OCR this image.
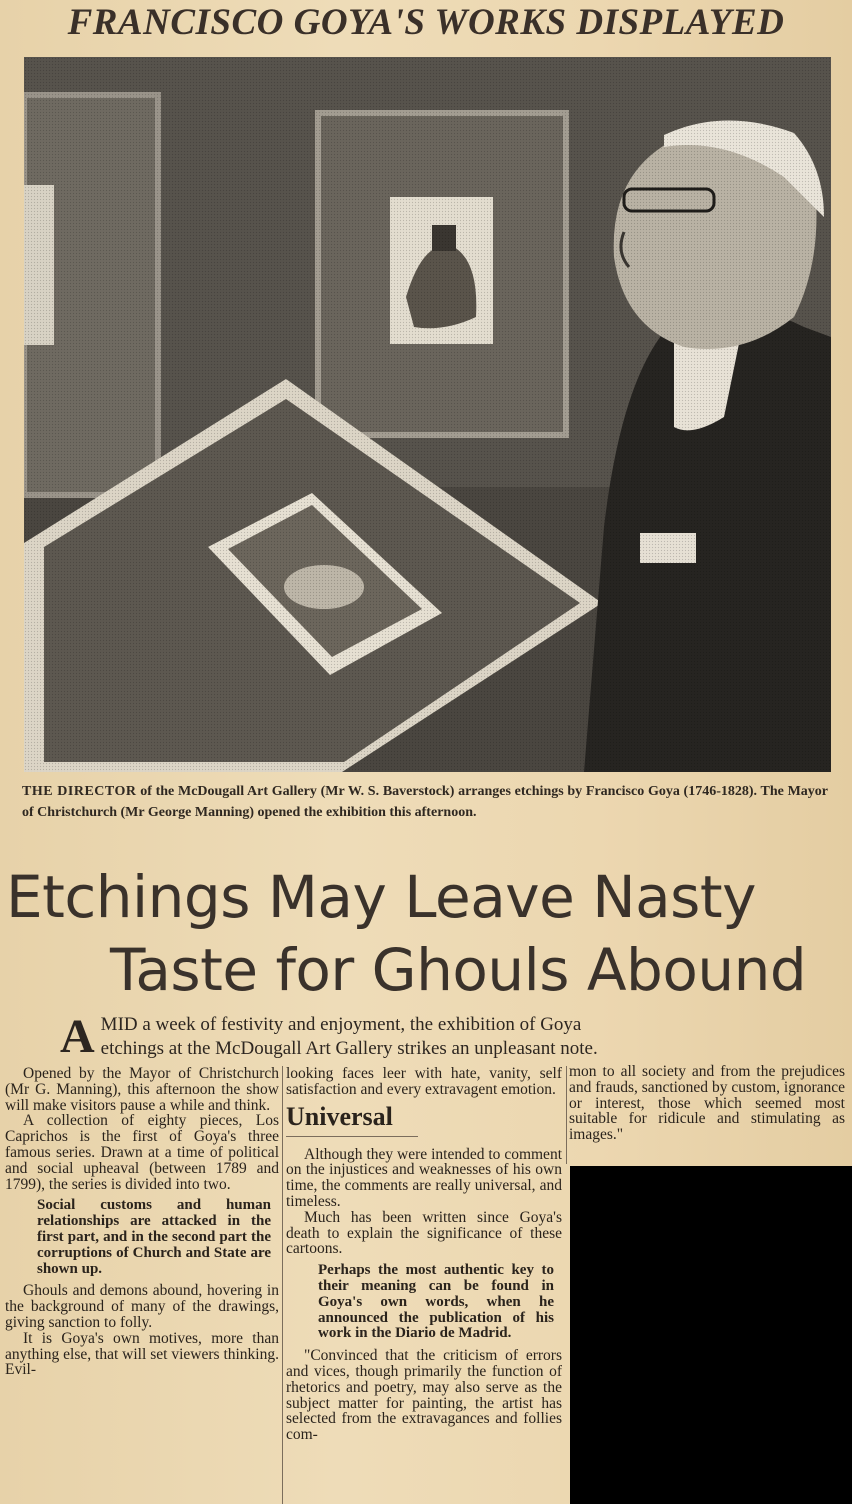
FRANCISCO GOYA'S WORKS DISPLAYED
THE DIRECTOR of the McDougall Art Gallery (Mr W. S. Baverstock) arranges etchings by Francisco Goya (1746-1828). The Mayor of Christchurch (Mr George Manning) opened the exhibition this afternoon.
Etchings May Leave Nasty
Taste for Ghouls Abound
A MID a week of festivity and enjoyment, the exhibition of Goya
etchings at the McDougall Art Gallery strikes an unpleasant note.

Opened by the Mayor of Christchurch (Mr G. Manning), this afternoon the show will make visitors pause a while and think.

A collection of eighty pieces, Los Caprichos is the first of Goya's three famous series. Drawn at a time of political and social upheaval (between 1789 and 1799), the series is divided into two.

Social customs and human relationships are attacked in the first part, and in the second part the corruptions of Church and State are shown up.

Ghouls and demons abound, hovering in the background of many of the drawings, giving sanction to folly.

It is Goya's own motives, more than anything else, that will set viewers thinking. Evil-

looking faces leer with hate, vanity, self satisfaction and every extravagent emotion.

Universal

Although they were intended to comment on the injustices and weaknesses of his own time, the comments are really universal, and timeless.

Much has been written since Goya's death to explain the significance of these cartoons.

Perhaps the most authentic key to their meaning can be found in Goya's own words, when he announced the publication of his work in the Diario de Madrid.

"Convinced that the criticism of errors and vices, though primarily the function of rhetorics and poetry, may also serve as the subject matter for painting, the artist has selected from the extravagances and follies com-

mon to all society and from the prejudices and frauds, sanctioned by custom, ignorance or interest, those which seemed most suitable for ridicule and stimulating as images."
